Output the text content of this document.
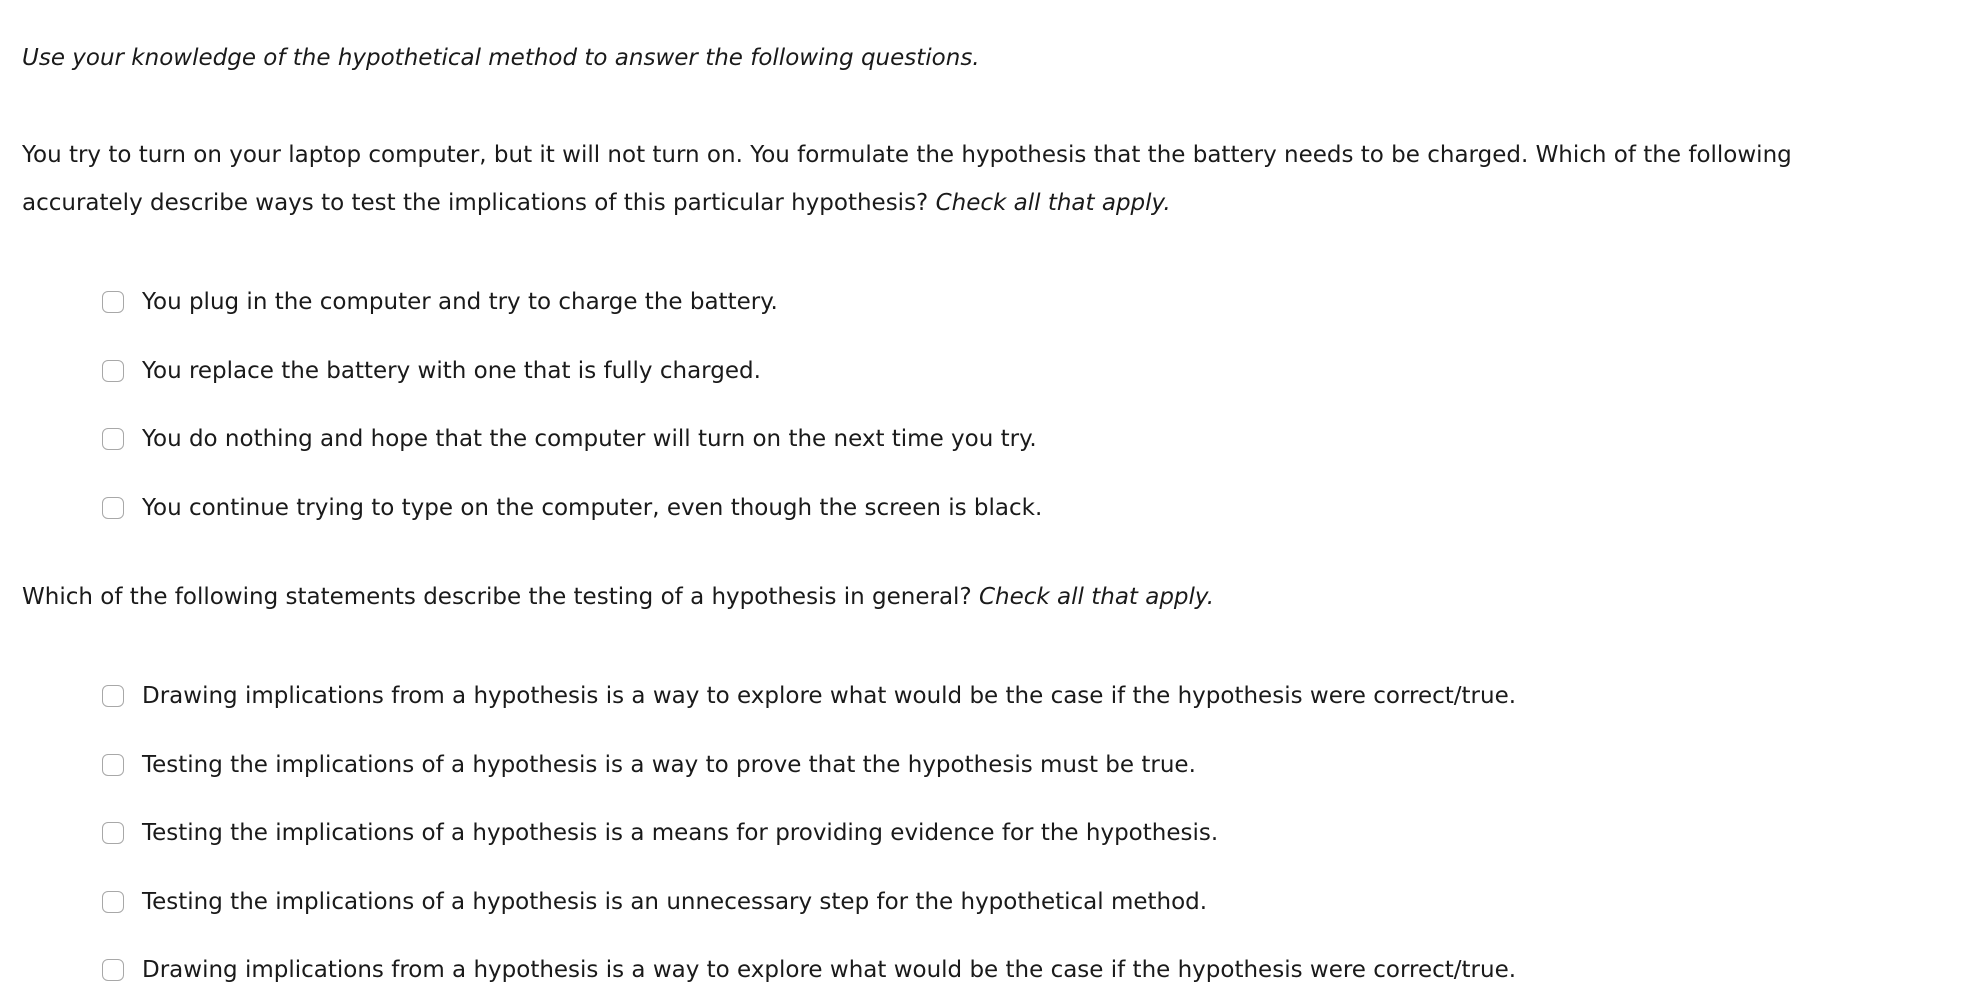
Use your knowledge of the hypothetical method to answer the following questions.
You try to turn on your laptop computer, but it will not turn on. You formulate the hypothesis that the battery needs to be charged. Which of the following accurately describe ways to test the implications of this particular hypothesis? Check all that apply.
You plug in the computer and try to charge the battery.
You replace the battery with one that is fully charged.
You do nothing and hope that the computer will turn on the next time you try.
You continue trying to type on the computer, even though the screen is black.
Which of the following statements describe the testing of a hypothesis in general? Check all that apply.
Drawing implications from a hypothesis is a way to explore what would be the case if the hypothesis were correct/true.
Testing the implications of a hypothesis is a way to prove that the hypothesis must be true.
Testing the implications of a hypothesis is a means for providing evidence for the hypothesis.
Testing the implications of a hypothesis is an unnecessary step for the hypothetical method.
Drawing implications from a hypothesis is a way to explore what would be the case if the hypothesis were correct/true.
